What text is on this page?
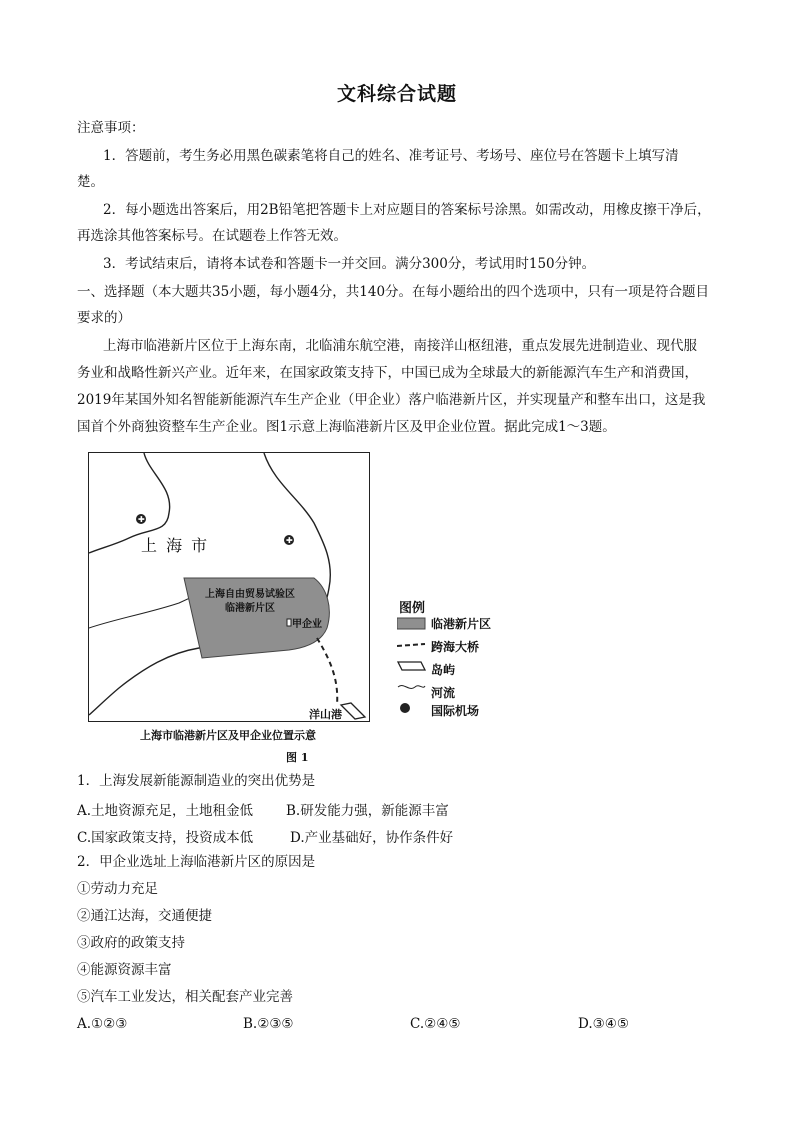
文科综合试题
注意事项：
1．答题前，考生务必用黑色碳素笔将自己的姓名、准考证号、考场号、座位号在答题卡上填写清
楚。
2．每小题选出答案后，用2B铅笔把答题卡上对应题目的答案标号涂黑。如需改动，用橡皮擦干净后，
再选涂其他答案标号。在试题卷上作答无效。
3．考试结束后，请将本试卷和答题卡一并交回。满分300分，考试用时150分钟。
一、选择题（本大题共35小题，每小题4分，共140分。在每小题给出的四个选项中，只有一项是符合题目
要求的）
上海市临港新片区位于上海东南，北临浦东航空港，南接洋山枢纽港，重点发展先进制造业、现代服
务业和战略性新兴产业。近年来，在国家政策支持下，中国已成为全球最大的新能源汽车生产和消费国，
2019年某国外知名智能新能源汽车生产企业（甲企业）落户临港新片区，并实现量产和整车出口，这是我
国首个外商独资整车生产企业。图1示意上海临港新片区及甲企业位置。据此完成1～3题。
✚
✚
上 海 市
上海自由贸易试验区
临港新片区
甲企业
洋山港
图例
临港新片区
跨海大桥
岛屿
河流
国际机场
上海市临港新片区及甲企业位置示意
图 1
1．上海发展新能源制造业的突出优势是
A.土地资源充足，土地租金低 B.研发能力强，新能源丰富
C.国家政策支持，投资成本低	D.产业基础好，协作条件好
2．甲企业选址上海临港新片区的原因是
①劳动力充足
②通江达海，交通便捷
③政府的政策支持
④能源资源丰富
⑤汽车工业发达，相关配套产业完善
A.①②③	B.②③⑤	C.②④⑤	D.③④⑤
